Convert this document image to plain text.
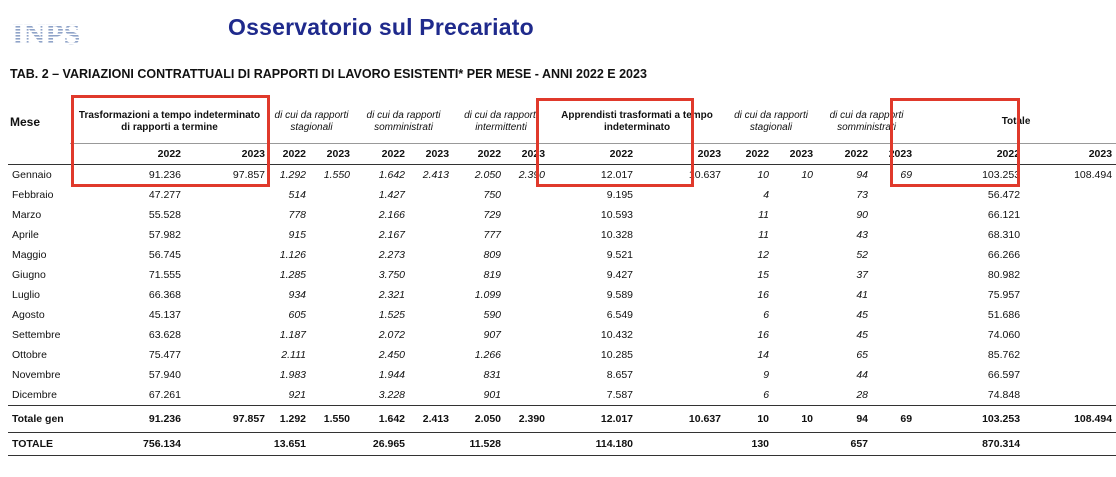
INPS	Osservatorio sul Precariato
TAB. 2 – VARIAZIONI CONTRATTUALI DI RAPPORTI DI LAVORO ESISTENTI* PER MESE - ANNI 2022 E 2023
Mese	Trasformazioni a tempo indeterminato di rapporti a termine		di cui da rapporti stagionali		di cui da rapporti somministrati		di cui da rapporti intermittenti		Apprendisti trasformati a tempo indeterminato		di cui da rapporti stagionali		di cui da rapporti somministrati		Totale	
	2022	2023	2022	2023	2022	2023	2022	2023	2022	2023	2022	2023	2022	2023	2022	2023
Gennaio	91.236	97.857	1.292	1.550	1.642	2.413	2.050	2.390	12.017	10.637	10	10	94	69	103.253	108.494
Febbraio	47.277		514		1.427		750		9.195		4		73		56.472	
Marzo	55.528		778		2.166		729		10.593		11		90		66.121	
Aprile	57.982		915		2.167		777		10.328		11		43		68.310	
Maggio	56.745		1.126		2.273		809		9.521		12		52		66.266	
Giugno	71.555		1.285		3.750		819		9.427		15		37		80.982	
Luglio	66.368		934		2.321		1.099		9.589		16		41		75.957	
Agosto	45.137		605		1.525		590		6.549		6		45		51.686	
Settembre	63.628		1.187		2.072		907		10.432		16		45		74.060	
Ottobre	75.477		2.111		2.450		1.266		10.285		14		65		85.762	
Novembre	57.940		1.983		1.944		831		8.657		9		44		66.597	
Dicembre	67.261		921		3.228		901		7.587		6		28		74.848	
Totale gen	91.236	97.857	1.292	1.550	1.642	2.413	2.050	2.390	12.017	10.637	10	10	94	69	103.253	108.494
TOTALE	756.134		13.651		26.965		11.528		114.180		130		657		870.314	
